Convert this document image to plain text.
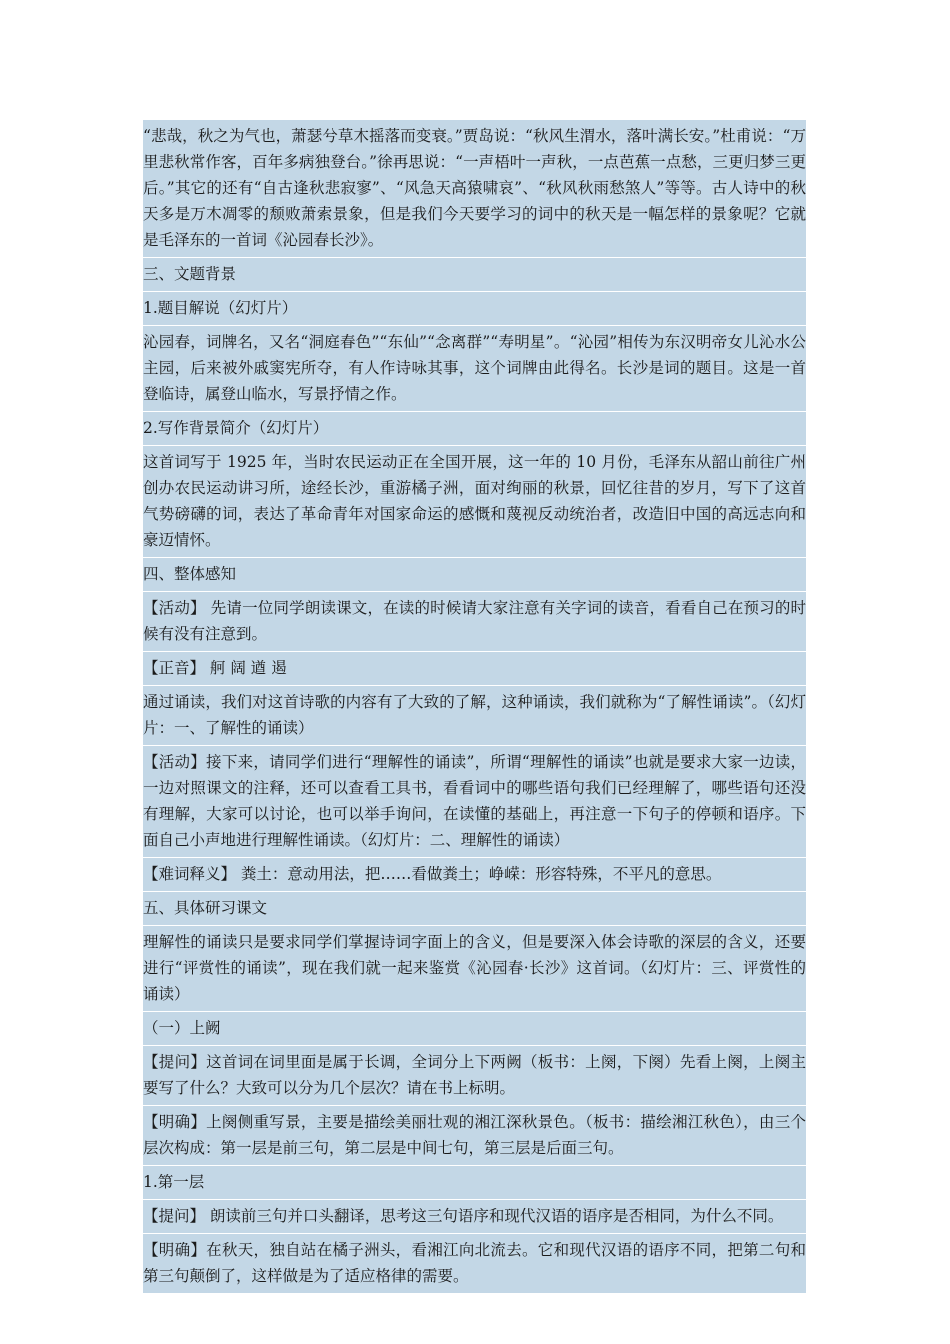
“悲哉，秋之为气也，萧瑟兮草木摇落而变衰。”贾岛说：“秋风生渭水，落叶满长安。”杜甫说：“万里悲秋常作客，百年多病独登台。”徐再思说：“一声梧叶一声秋，一点芭蕉一点愁，三更归梦三更后。”其它的还有“自古逢秋悲寂寥”、“风急天高猿啸哀”、“秋风秋雨愁煞人”等等。古人诗中的秋天多是万木凋零的颓败萧索景象，但是我们今天要学习的词中的秋天是一幅怎样的景象呢？它就是毛泽东的一首词《沁园春长沙》。

三、文题背景

1.题目解说（幻灯片）

沁园春，词牌名，又名“洞庭春色”“东仙”“念离群”“寿明星”。“沁园”相传为东汉明帝女儿沁水公主园，后来被外戚窦宪所夺，有人作诗咏其事，这个词牌由此得名。长沙是词的题目。这是一首登临诗，属登山临水，写景抒情之作。

2.写作背景简介（幻灯片）

这首词写于 1925 年，当时农民运动正在全国开展，这一年的 10 月份，毛泽东从韶山前往广州创办农民运动讲习所，途经长沙，重游橘子洲，面对绚丽的秋景，回忆往昔的岁月，写下了这首气势磅礴的词，表达了革命青年对国家命运的感慨和蔑视反动统治者，改造旧中国的高远志向和豪迈情怀。

四、整体感知

【活动】 先请一位同学朗读课文，在读的时候请大家注意有关字词的读音，看看自己在预习的时候有没有注意到。

【正音】 舸 阔 遒 遏

通过诵读，我们对这首诗歌的内容有了大致的了解，这种诵读，我们就称为“了解性诵读”。（幻灯片：一、了解性的诵读）

【活动】接下来，请同学们进行“理解性的诵读”，所谓“理解性的诵读”也就是要求大家一边读，一边对照课文的注释，还可以查看工具书，看看词中的哪些语句我们已经理解了，哪些语句还没有理解，大家可以讨论，也可以举手询问，在读懂的基础上，再注意一下句子的停顿和语序。下面自己小声地进行理解性诵读。（幻灯片：二、理解性的诵读）

【难词释义】 粪土：意动用法，把……看做粪土；峥嵘：形容特殊，不平凡的意思。

五、具体研习课文

理解性的诵读只是要求同学们掌握诗词字面上的含义，但是要深入体会诗歌的深层的含义，还要进行“评赏性的诵读”，现在我们就一起来鉴赏《沁园春·长沙》这首词。（幻灯片：三、评赏性的诵读）

（一）上阙

【提问】这首词在词里面是属于长调，全词分上下两阙（板书：上阕，下阕）先看上阕，上阕主要写了什么？大致可以分为几个层次？请在书上标明。

【明确】上阕侧重写景，主要是描绘美丽壮观的湘江深秋景色。（板书：描绘湘江秋色），由三个层次构成：第一层是前三句，第二层是中间七句，第三层是后面三句。

1.第一层

【提问】 朗读前三句并口头翻译，思考这三句语序和现代汉语的语序是否相同，为什么不同。

【明确】在秋天，独自站在橘子洲头，看湘江向北流去。它和现代汉语的语序不同，把第二句和第三句颠倒了，这样做是为了适应格律的需要。
